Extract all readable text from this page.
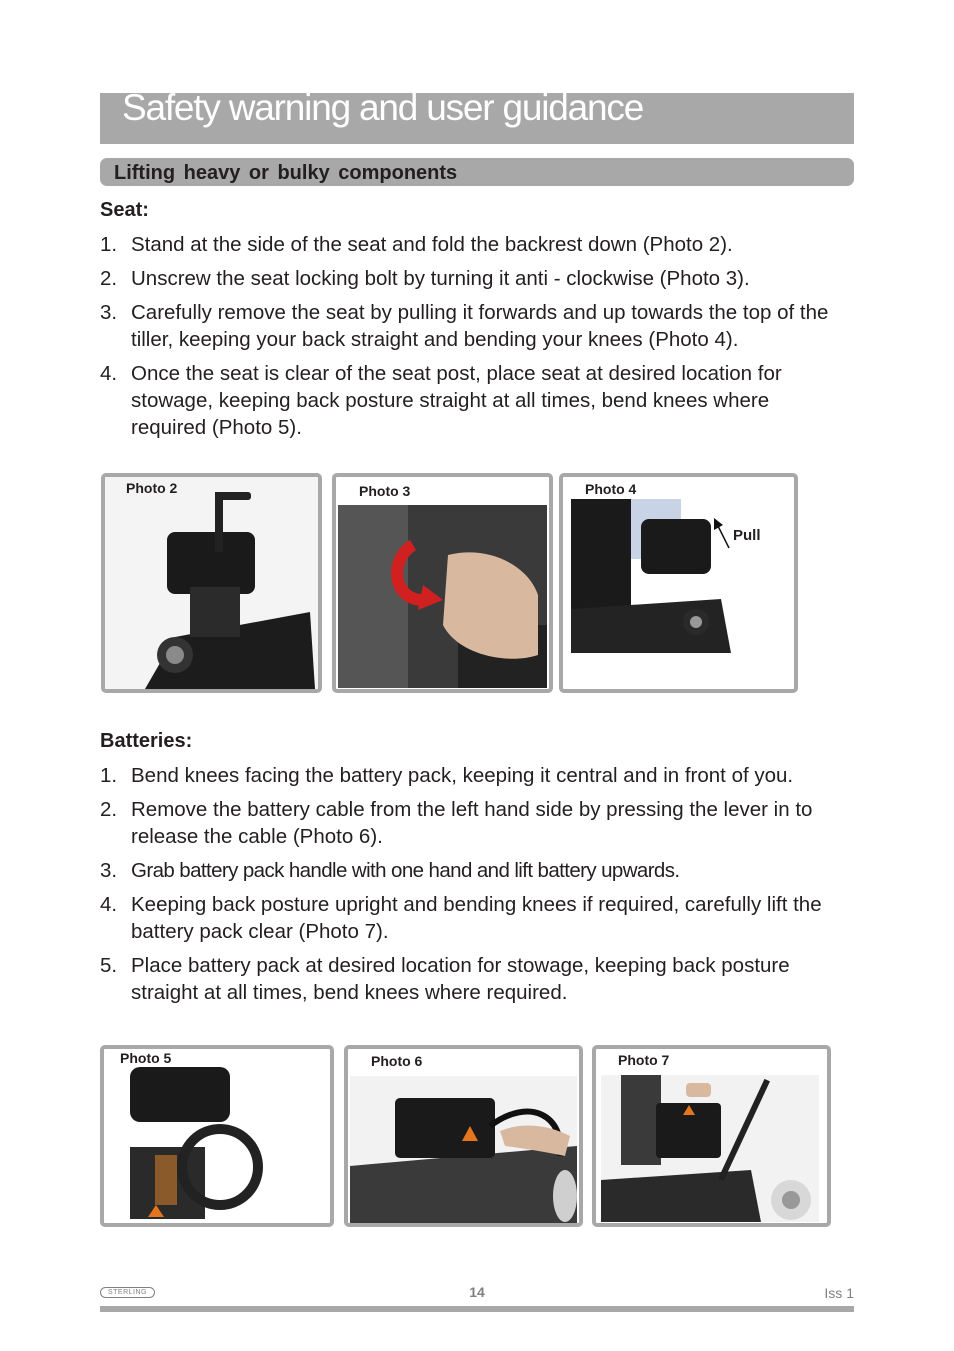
Safety warning and user guidance
Lifting heavy or bulky components
Seat:
1. Stand at the side of the seat and fold the backrest down (Photo 2).
2. Unscrew the seat locking bolt by turning it anti - clockwise (Photo 3).
3. Carefully remove the seat by pulling it forwards and up towards the top of the tiller, keeping your back straight and bending your knees (Photo 4).
4. Once the seat is clear of the seat post, place seat at desired location for stowage, keeping back posture straight at all times, bend knees where required (Photo 5).
Photo 2	Photo 3	Photo 4
Pull
Batteries:
1. Bend knees facing the battery pack, keeping it central and in front of you.
2. Remove the battery cable from the left hand side by pressing the lever in to release the cable (Photo 6).
3. Grab battery pack handle with one hand and lift battery upwards.
4. Keeping back posture upright and bending knees if required, carefully lift the battery pack clear (Photo 7).
5. Place battery pack at desired location for stowage, keeping back posture straight at all times, bend knees where required.
Photo 5	Photo 6	Photo 7
STERLING	14	Iss 1
